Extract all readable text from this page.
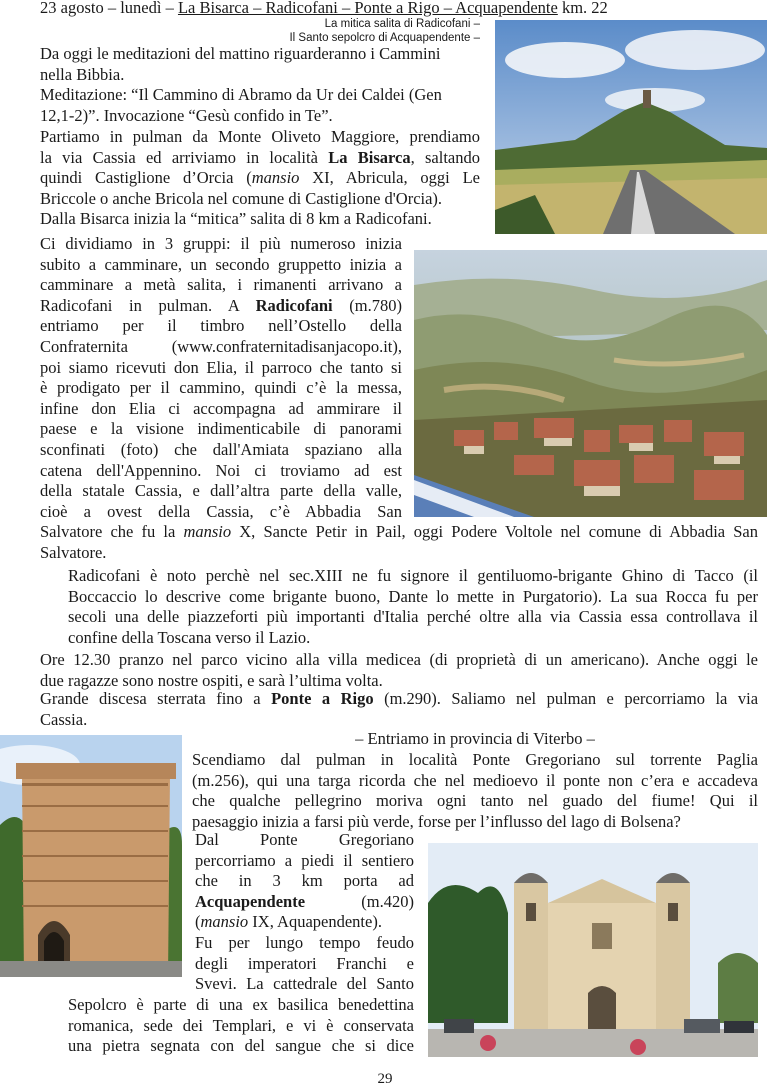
23 agosto – lunedì – La Bisarca – Radicofani – Ponte a Rigo – Acquapendente km. 22
La mitica salita di Radicofani –
Il Santo sepolcro di Acquapendente –
Da oggi le meditazioni del mattino riguarderanno i Cammini
nella Bibbia.
Meditazione: “Il Cammino di Abramo da Ur dei Caldei (Gen
12,1-2)”. Invocazione “Gesù confido in Te”.
Partiamo in pulman da Monte Oliveto Maggiore, prendiamo
la via Cassia ed arriviamo in località La Bisarca, saltando
quindi Castiglione d’Orcia (mansio XI, Abricula, oggi Le
Briccole o anche Bricola nel comune di Castiglione d'Orcia).
Dalla Bisarca inizia la “mitica” salita di 8 km a Radicofani.
Ci dividiamo in 3 gruppi: il più numeroso inizia
subito a camminare, un secondo gruppetto inizia a
camminare a metà salita, i rimanenti arrivano a
Radicofani in pulman. A Radicofani (m.780)
entriamo per il timbro nell’Ostello della
Confraternita (www.confraternitadisanjacopo.it),
poi siamo ricevuti don Elia, il parroco che tanto si
è prodigato per il cammino, quindi c’è la messa,
infine don Elia ci accompagna ad ammirare il
paese e la visione indimenticabile di panorami
sconfinati (foto) che dall'Amiata spaziano alla
catena dell'Appennino. Noi ci troviamo ad est
della statale Cassia, e dall’altra parte della valle,
cioè a ovest della Cassia, c’è Abbadia San
Salvatore che fu la mansio X, Sancte Petir in Pail, oggi Podere Voltole nel comune di Abbadia San
Salvatore.
Radicofani è noto perchè nel sec.XIII ne fu signore il gentiluomo-brigante Ghino di Tacco (il
Boccaccio lo descrive come brigante buono, Dante lo mette in Purgatorio). La sua Rocca fu per
secoli una delle piazzeforti più importanti d'Italia perché oltre alla via Cassia essa controllava il
confine della Toscana verso il Lazio.
Ore 12.30 pranzo nel parco vicino alla villa medicea (di proprietà di un americano). Anche oggi le
due ragazze sono nostre ospiti, e sarà l’ultima volta.
Grande discesa sterrata fino a Ponte a Rigo (m.290). Saliamo nel pulman e percorriamo la via
Cassia.
– Entriamo in provincia di Viterbo –
Scendiamo dal pulman in località Ponte Gregoriano sul torrente Paglia
(m.256), qui una targa ricorda che nel medioevo il ponte non c’era e accadeva
che qualche pellegrino moriva ogni tanto nel guado del fiume! Qui il
paesaggio inizia a farsi più verde, forse per l’influsso del lago di Bolsena?
Dal Ponte Gregoriano
percorriamo a piedi il sentiero
che in 3 km porta ad
Acquapendente (m.420)
(mansio IX, Aquapendente).
Fu per lungo tempo feudo
degli imperatori Franchi e
Svevi. La cattedrale del Santo
Sepolcro è parte di una ex basilica benedettina
romanica, sede dei Templari, e vi è conservata
una pietra segnata con del sangue che si dice
29
